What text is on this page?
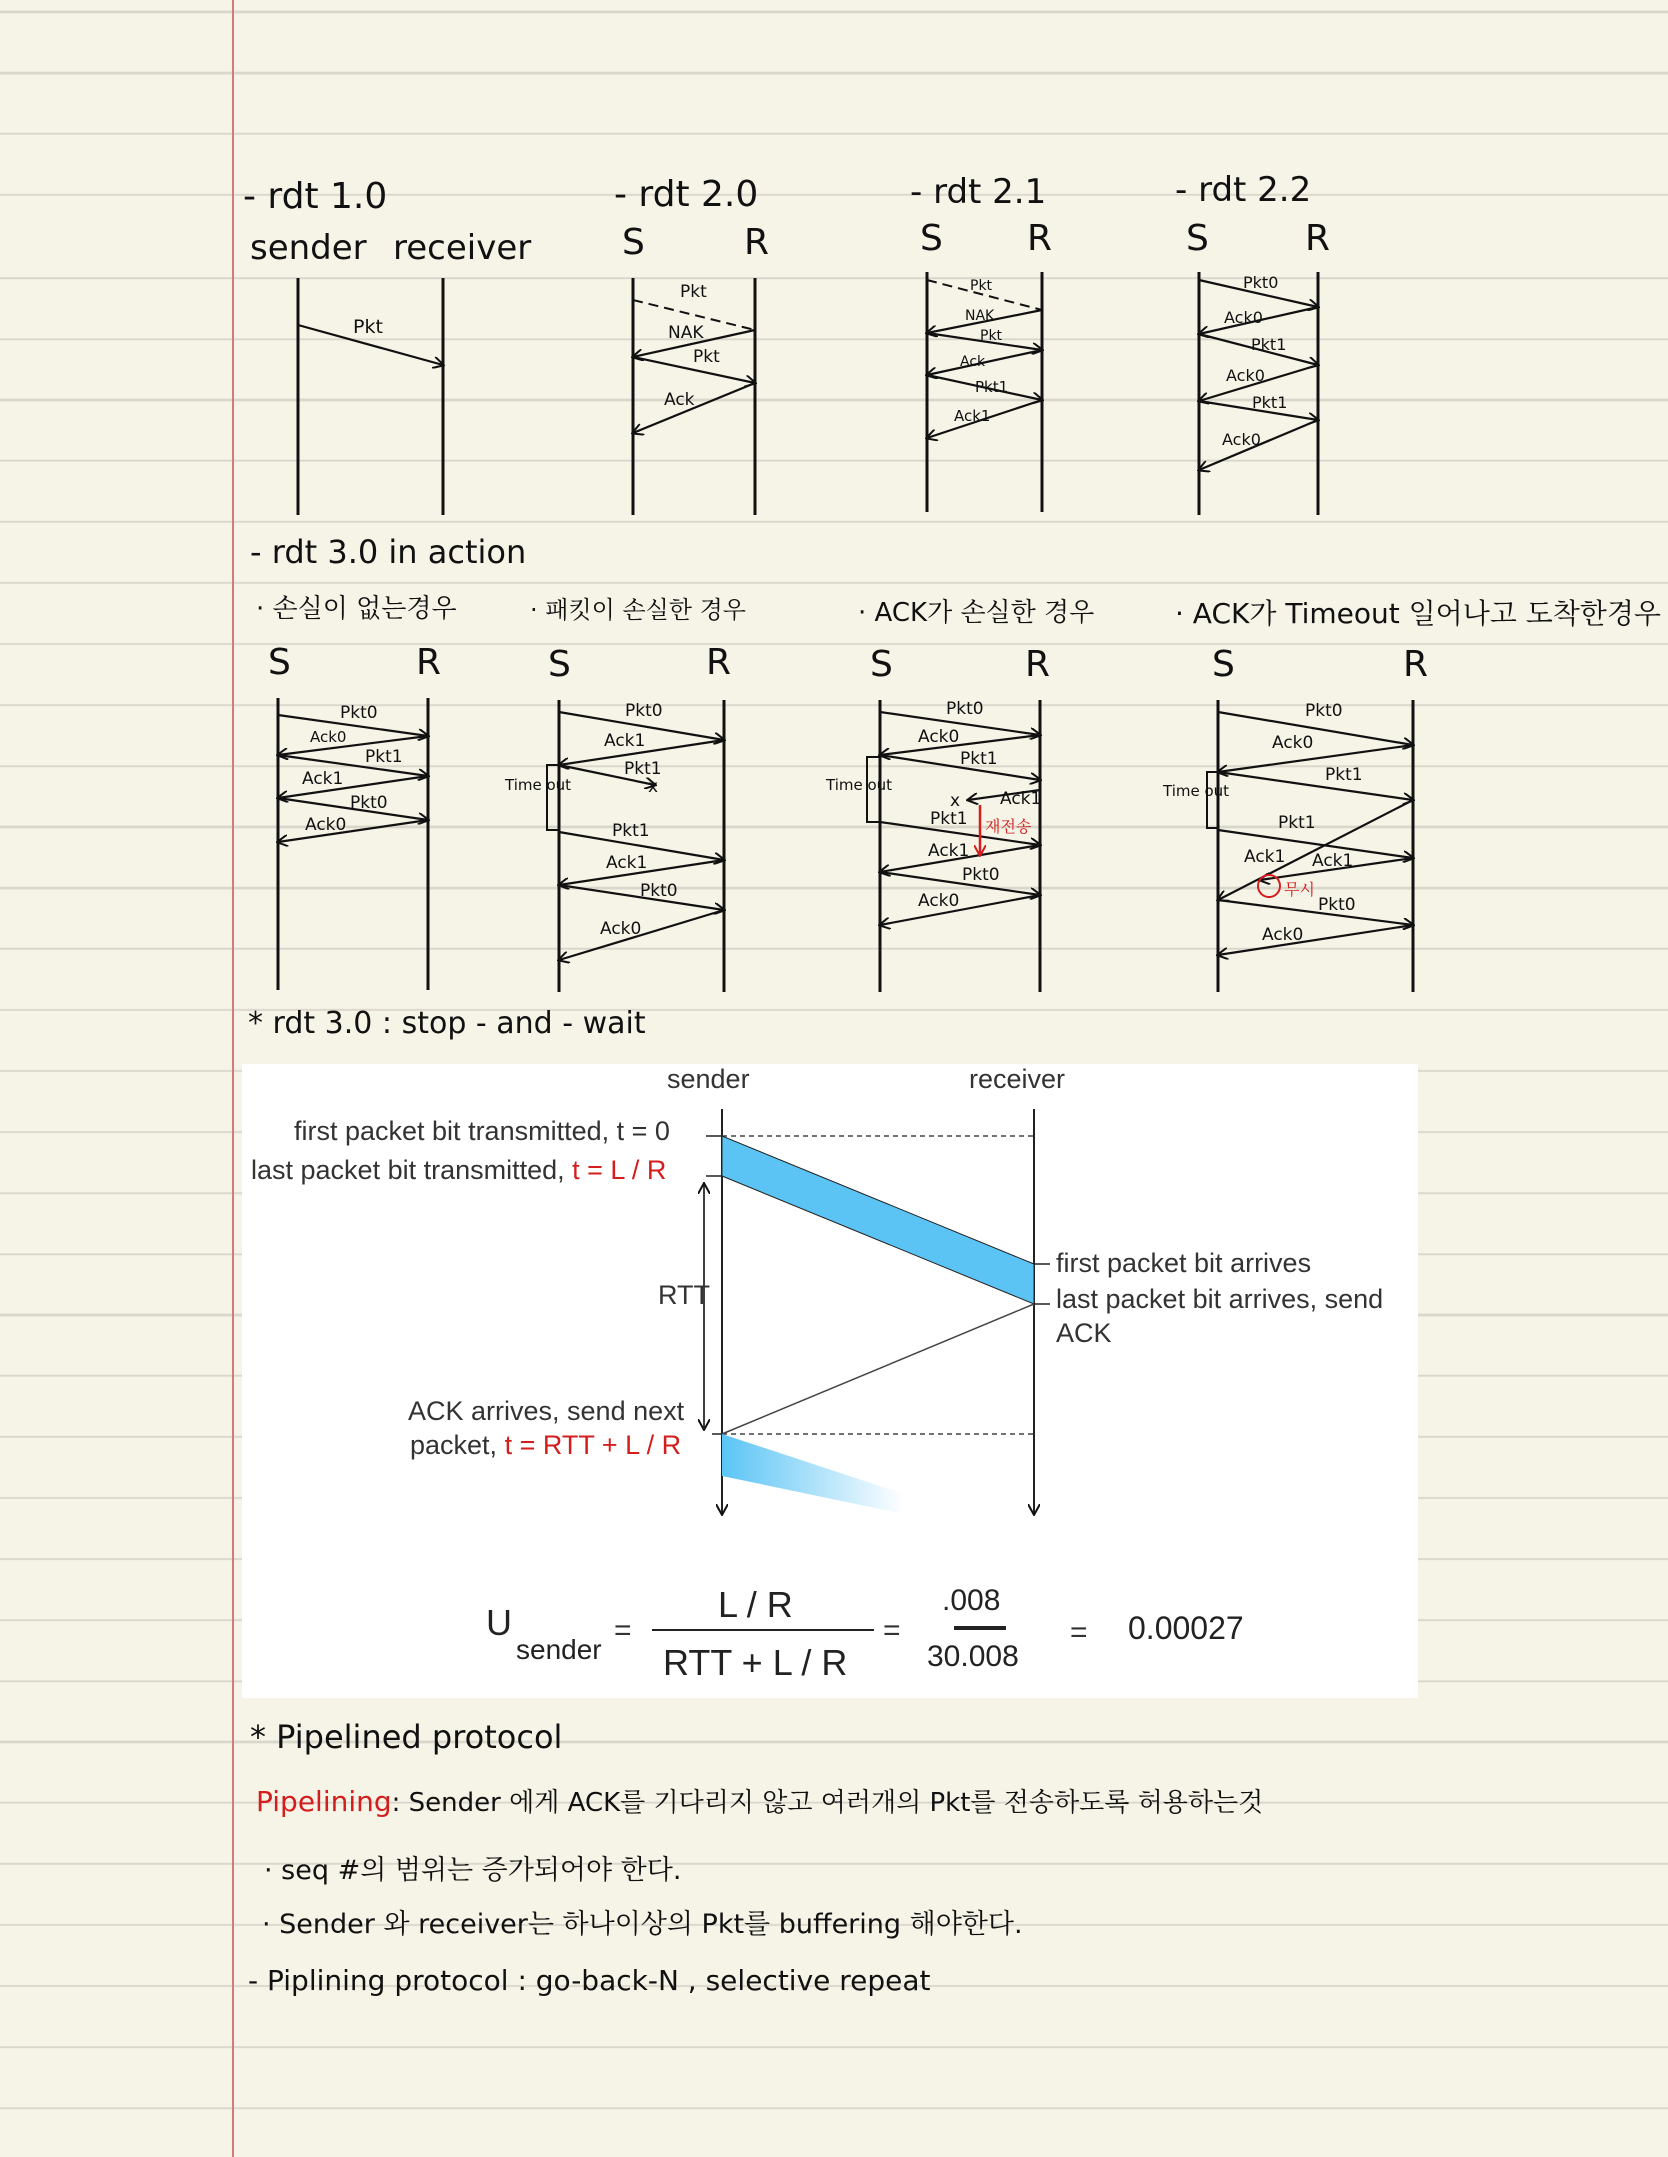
- rdt 1.0	- rdt 2.0	- rdt 2.1	- rdt 2.2
sender receiver	S	R	S R	S	R
- rdt 3.0 in action
· 손실이 없는경우	· 패킷이 손실한 경우	· ACK가 손실한 경우	· ACK가 Timeout 일어나고 도착한경우
S	R	S	R	S	R	S	R
Pkt
Pkt
NAK
Pkt
Ack
Pkt
NAK
Pkt
Ack
Pkt1
Ack1
Pkt0
Ack0
Pkt1
Ack0
Pkt1
Ack0
Pkt0
Ack0
Pkt1
Ack1
Pkt0
Ack0
Time out
Pkt0
Ack1
Pkt1
x
Pkt1
Ack1
Pkt0
Ack0
Time out
재전송
Pkt0
Ack0
Pkt1
x Ack1
Pkt1
Ack1
Pkt0
Ack0
Time out
무시
Pkt0
Ack0
Pkt1
Pkt1
Ack1 Ack1
Pkt0
Ack0
* rdt 3.0 : stop - and - wait
sender	receiver
first packet bit transmitted, t = 0
last packet bit transmitted, t = L / R
RTT
first packet bit arrives
last packet bit arrives, send
ACK
ACK arrives, send next
packet, t = RTT + L / R
U
sender
=
L / R
RTT + L / R
=
.008
30.008
= 0.00027
* Pipelined protocol
Pipelining: Sender 에게 ACK를 기다리지 않고 여러개의 Pkt를 전송하도록 허용하는것
· seq #의 범위는 증가되어야 한다.
· Sender 와 receiver는 하나이상의 Pkt를 buffering 해야한다.
- Piplining protocol : go-back-N , selective repeat
